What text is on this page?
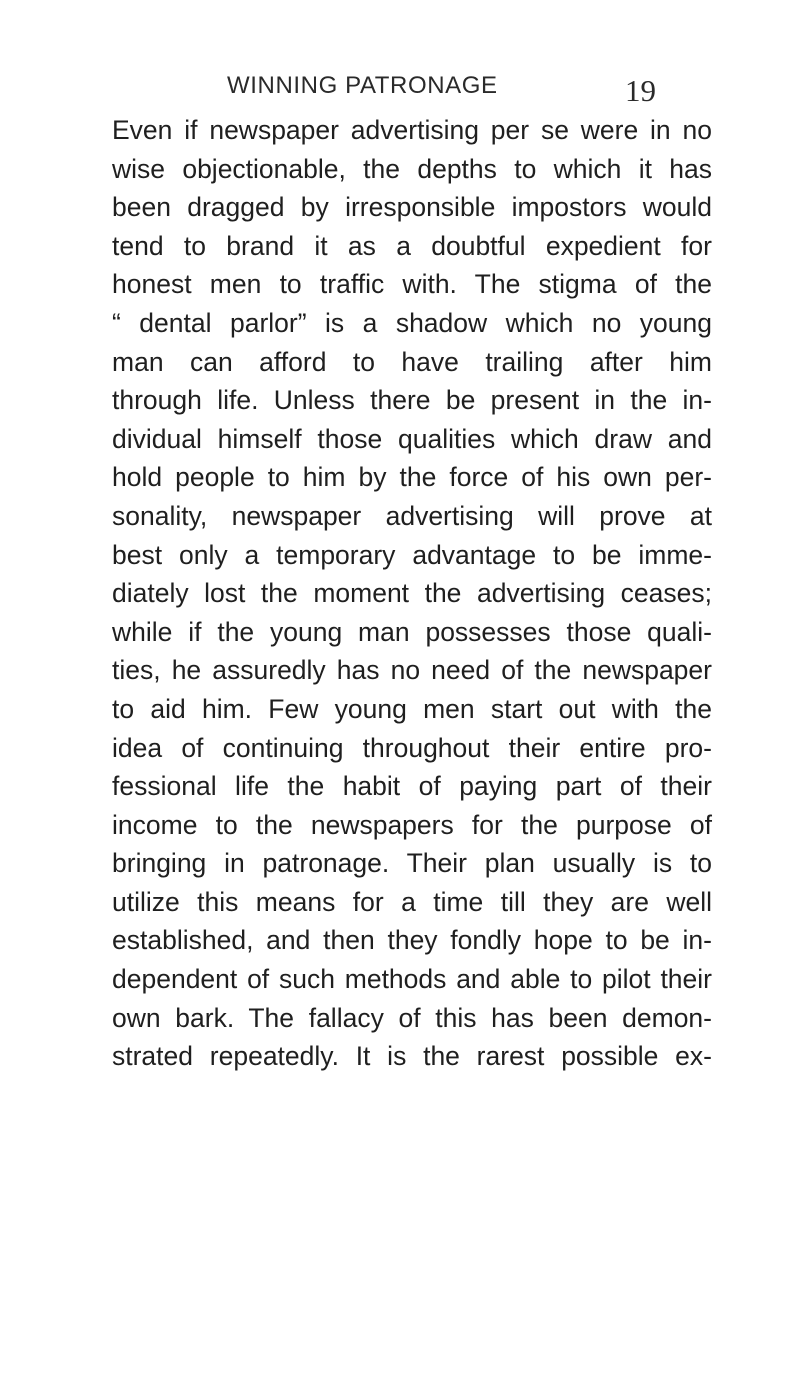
WINNING PATRONAGE	19
Even if newspaper advertising per se were in no
wise objectionable, the depths to which it has
been dragged by irresponsible impostors would
tend to brand it as a doubtful expedient for
honest men to traffic with. The stigma of the
“ dental parlor” is a shadow which no young
man can afford to have trailing after him
through life. Unless there be present in the in-
dividual himself those qualities which draw and
hold people to him by the force of his own per-
sonality, newspaper advertising will prove at
best only a temporary advantage to be imme-
diately lost the moment the advertising ceases;
while if the young man possesses those quali-
ties, he assuredly has no need of the newspaper
to aid him. Few young men start out with the
idea of continuing throughout their entire pro-
fessional life the habit of paying part of their
income to the newspapers for the purpose of
bringing in patronage. Their plan usually is to
utilize this means for a time till they are well
established, and then they fondly hope to be in-
dependent of such methods and able to pilot their
own bark. The fallacy of this has been demon-
strated repeatedly. It is the rarest possible ex-
